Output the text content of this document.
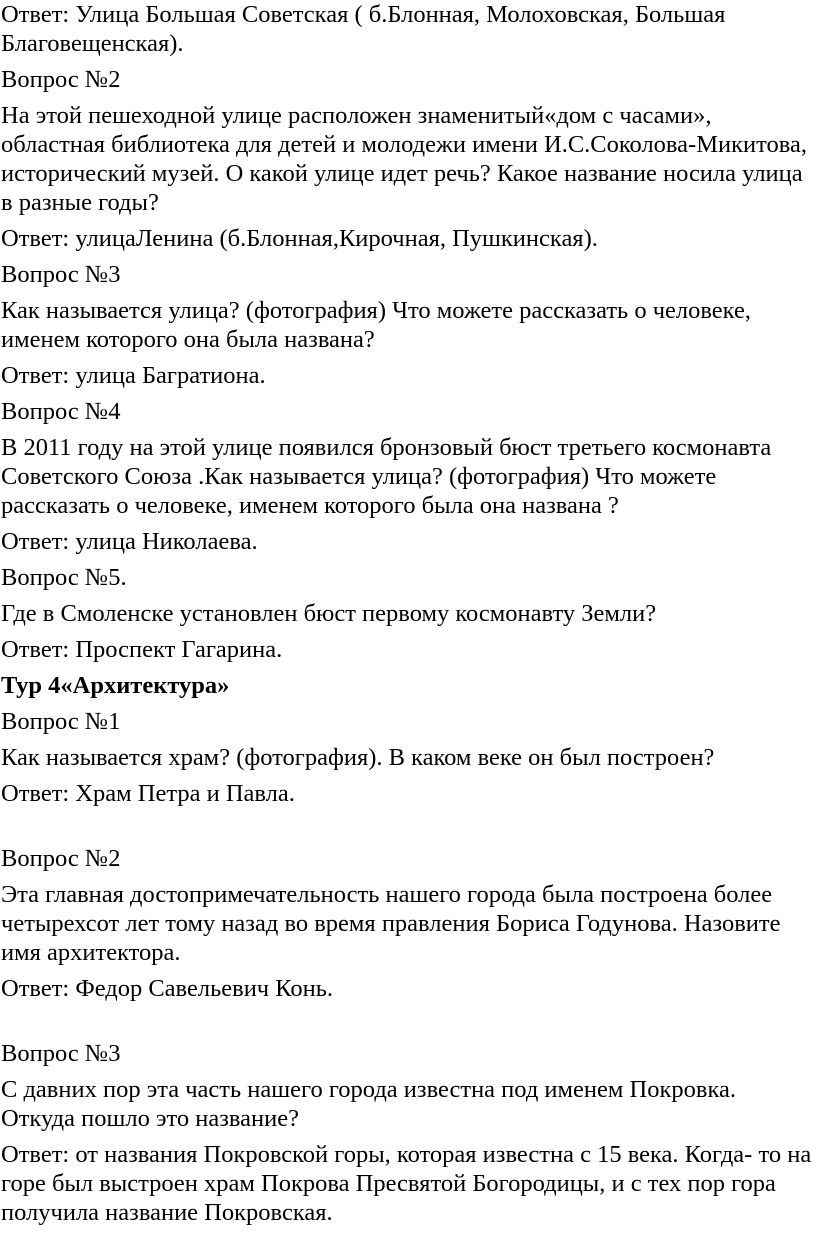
Ответ: Улица Большая Советская ( б.Блонная, Молоховская, Большая Благовещенская).

Вопрос №2

На этой пешеходной улице расположен знаменитый«дом с часами», областная библиотека для детей и молодежи имени И.С.Соколова-Микитова, исторический музей. О какой улице идет речь? Какое название носила улица в разные годы?

Ответ: улицаЛенина (б.Блонная,Кирочная, Пушкинская).

Вопрос №3

Как называется улица? (фотография) Что можете рассказать о человеке, именем которого она была названа?

Ответ: улица Багратиона.

Вопрос №4

В 2011 году на этой улице появился бронзовый бюст третьего космонавта Советского Союза .Как называется улица? (фотография) Что можете рассказать о человеке, именем которого была она названа ?

Ответ: улица Николаева.

Вопрос №5.

Где в Смоленске установлен бюст первому космонавту Земли?

Ответ: Проспект Гагарина.

Тур 4«Архитектура»

Вопрос №1

Как называется храм? (фотография). В каком веке он был построен?

Ответ: Храм Петра и Павла.

Вопрос №2

Эта главная достопримечательность нашего города была построена более четырехсот лет тому назад во время правления Бориса Годунова. Назовите имя архитектора.

Ответ: Федор Савельевич Конь.

Вопрос №3

С давних пор эта часть нашего города известна под именем Покровка. Откуда пошло это название?

Ответ: от названия Покровской горы, которая известна с 15 века. Когда- то на горе был выстроен храм Покрова Пресвятой Богородицы, и с тех пор гора получила название Покровская.
